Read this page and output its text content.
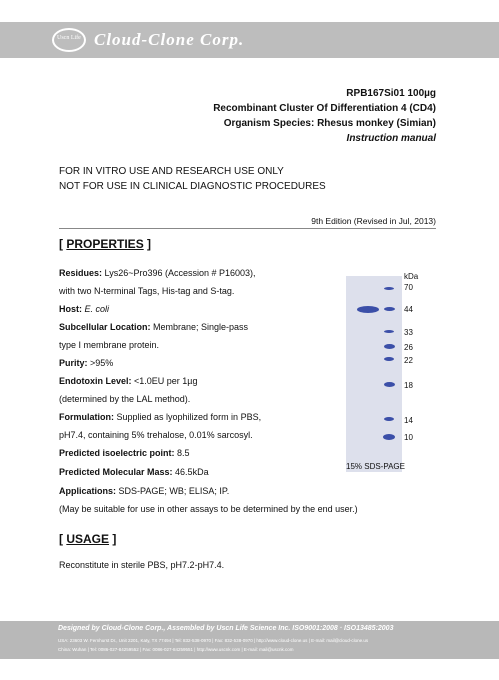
Uscn Life Cloud-Clone Corp.
RPB167Si01 100µg
Recombinant Cluster Of Differentiation 4 (CD4)
Organism Species: Rhesus monkey (Simian)
Instruction manual
FOR IN VITRO USE AND RESEARCH USE ONLY
NOT FOR USE IN CLINICAL DIAGNOSTIC PROCEDURES
9th Edition (Revised in Jul, 2013)
[ PROPERTIES ]
Residues: Lys26~Pro396 (Accession # P16003),
with two N-terminal Tags, His-tag and S-tag.
Host: E. coli
Subcellular Location: Membrane; Single-pass
type I membrane protein.
Purity: >95%
Endotoxin Level: <1.0EU per 1µg
(determined by the LAL method).
Formulation: Supplied as lyophilized form in PBS,
pH7.4, containing 5% trehalose, 0.01% sarcosyl.
Predicted isoelectric point: 8.5
Predicted Molecular Mass: 46.5kDa
Applications: SDS-PAGE; WB; ELISA; IP.
(May be suitable for use in other assays to be determined by the end user.)
kDa
70
44
33
26
22
18
14
10
15% SDS-PAGE
[ USAGE ]
Reconstitute in sterile PBS, pH7.2-pH7.4.
Designed by Cloud-Clone Corp., Assembled by Uscn Life Science Inc. ISO9001:2008 · ISO13485:2003
USA: 23603 W. Fernhurst Dr., Unit 2201, Katy, TX 77494 | Tel: 832-538-0970 | Fax: 832-538-0970 | http://www.cloud-clone.us | E-mail: mail@cloud-clone.us
China: Wuhan | Tel: 0086-027-84259552 | Fax: 0086-027-84259551 | http://www.uscnk.com | E-mail: mail@uscnk.com
